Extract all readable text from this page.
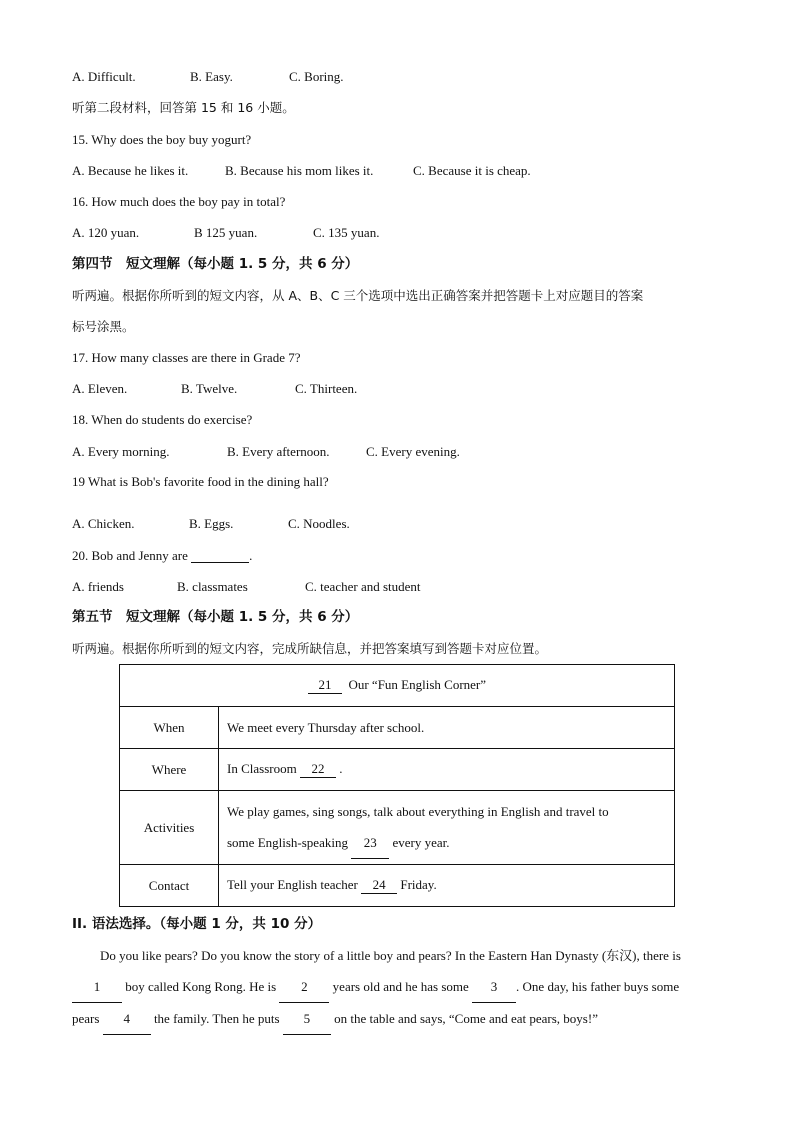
A. Difficult.	B. Easy.	C. Boring.
听第二段材料，回答第 15 和 16 小题。
15. Why does the boy buy yogurt?
A. Because he likes it.	B. Because his mom likes it.	C. Because it is cheap.
16. How much does the boy pay in total?
A. 120 yuan.	B 125 yuan.	C. 135 yuan.
第四节　短文理解（每小题 1. 5 分，共 6 分）
听两遍。根据你所听到的短文内容，从 A、B、C 三个选项中选出正确答案并把答题卡上对应题目的答案
标号涂黑。
17. How many classes are there in Grade 7?
A. Eleven.	B. Twelve.	C. Thirteen.
18. When do students do exercise?
A. Every morning.	B. Every afternoon.	C. Every evening.
19 What is Bob's favorite food in the dining hall?
A. Chicken.	B. Eggs.	C. Noodles.
20. Bob and Jenny are	.
A. friends	B. classmates	C. teacher and student
第五节　短文理解（每小题 1. 5 分，共 6 分）
听两遍。根据你所听到的短文内容，完成所缺信息，并把答案填写到答题卡对应位置。
21 Our “Fun English Corner”	
When	We meet every Thursday after school.
Where	In Classroom 22 .
Activities	We play games, sing songs, talk about everything in English and travel to
some English-speaking 23 every year.

Contact	Tell your English teacher 24 Friday.
II. 语法选择。（每小题 1 分，共 10 分）

Do you like pears? Do you know the story of a little boy and pears? In the Eastern Han Dynasty (东汉), there is

1 boy called Kong Rong. He is 2 years old and he has some 3 . One day, his father buys some

pears 4 the family. Then he puts 5 on the table and says, “Come and eat pears, boys!”
